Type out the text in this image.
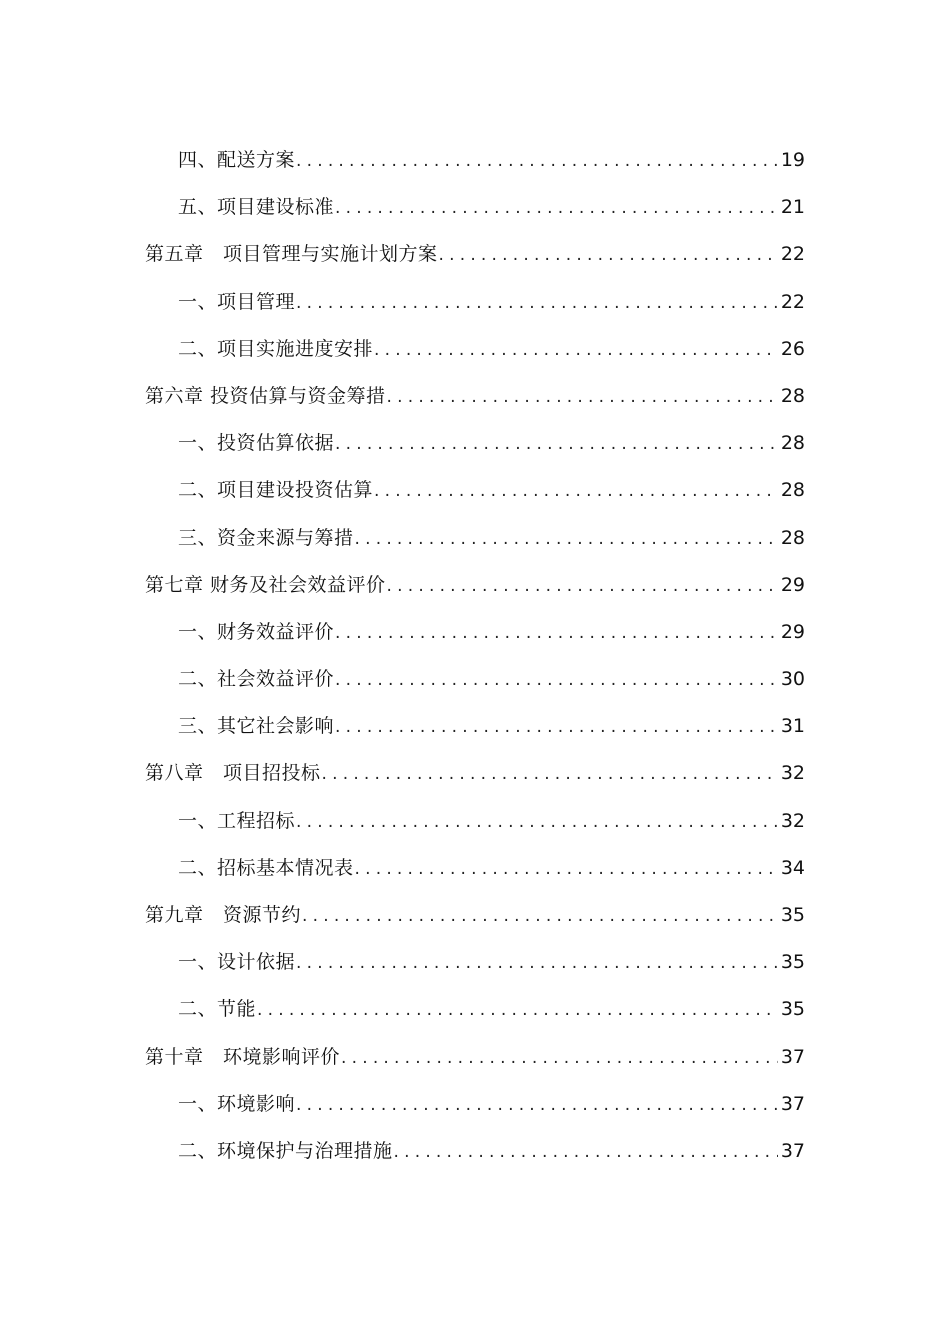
四、配送方案 .....	19
五、项目建设标准 .....	21
第五章　项目管理与实施计划方案 .....	22
一、项目管理 .....	22
二、项目实施进度安排 .....	26
第六章 投资估算与资金筹措 .....	28
一、投资估算依据 .....	28
二、项目建设投资估算 .....	28
三、资金来源与筹措 .....	28
第七章 财务及社会效益评价 .....	29
一、财务效益评价 .....	29
二、社会效益评价 .....	30
三、其它社会影响 .....	31
第八章　项目招投标 .....	32
一、工程招标 .....	32
二、招标基本情况表 .....	34
第九章　资源节约 .....	35
一、设计依据 .....	35
二、节能 .....	35
第十章　环境影响评价 .....	37
一、环境影响 .....	37
二、环境保护与治理措施 .....	37
